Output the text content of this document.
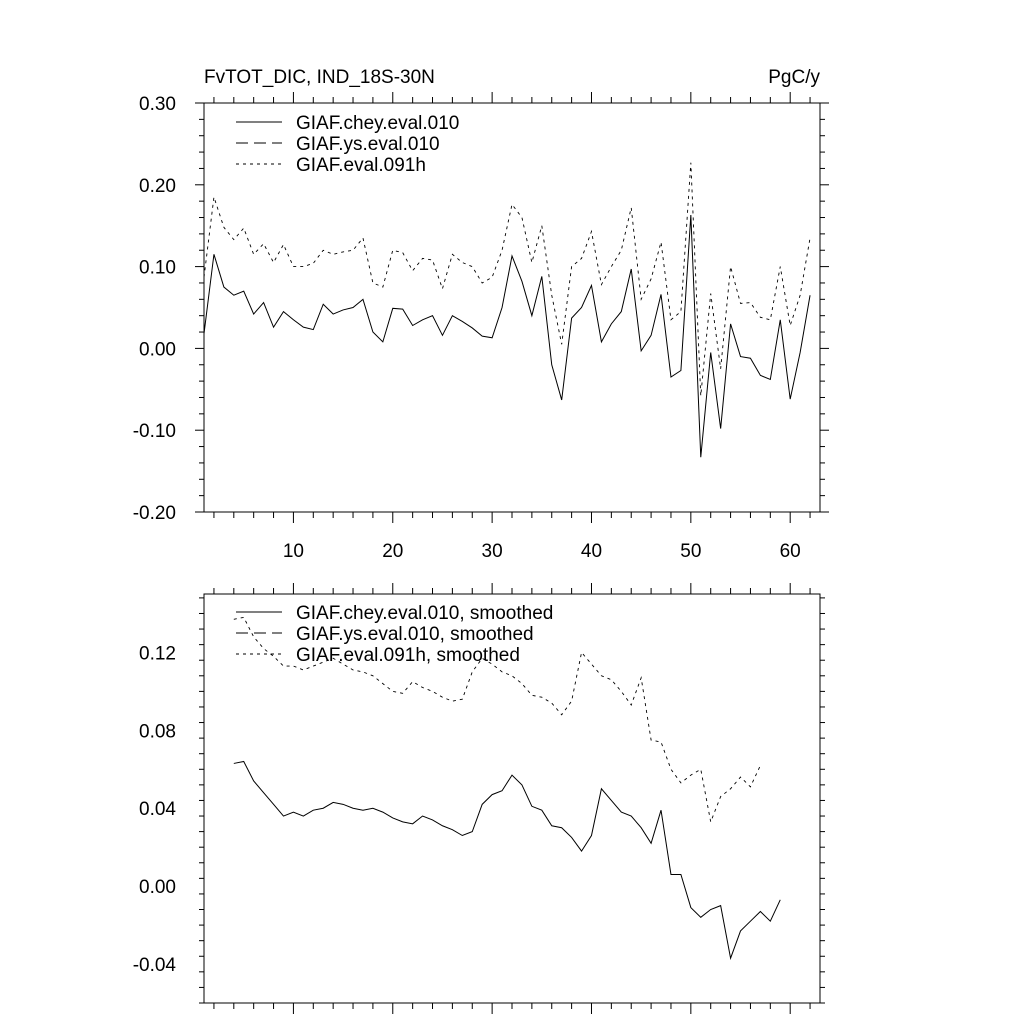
FvTOT_DIC, IND_18S-30N	PgC/y
-0.20
-0.10
0.00
0.10
0.20
0.30
10	20	30	40	50	60
GIAF.chey.eval.010
GIAF.ys.eval.010
GIAF.eval.091h
-0.04
0.00
0.04
0.08
0.12
GIAF.chey.eval.010, smoothed
GIAF.ys.eval.010, smoothed
GIAF.eval.091h, smoothed
